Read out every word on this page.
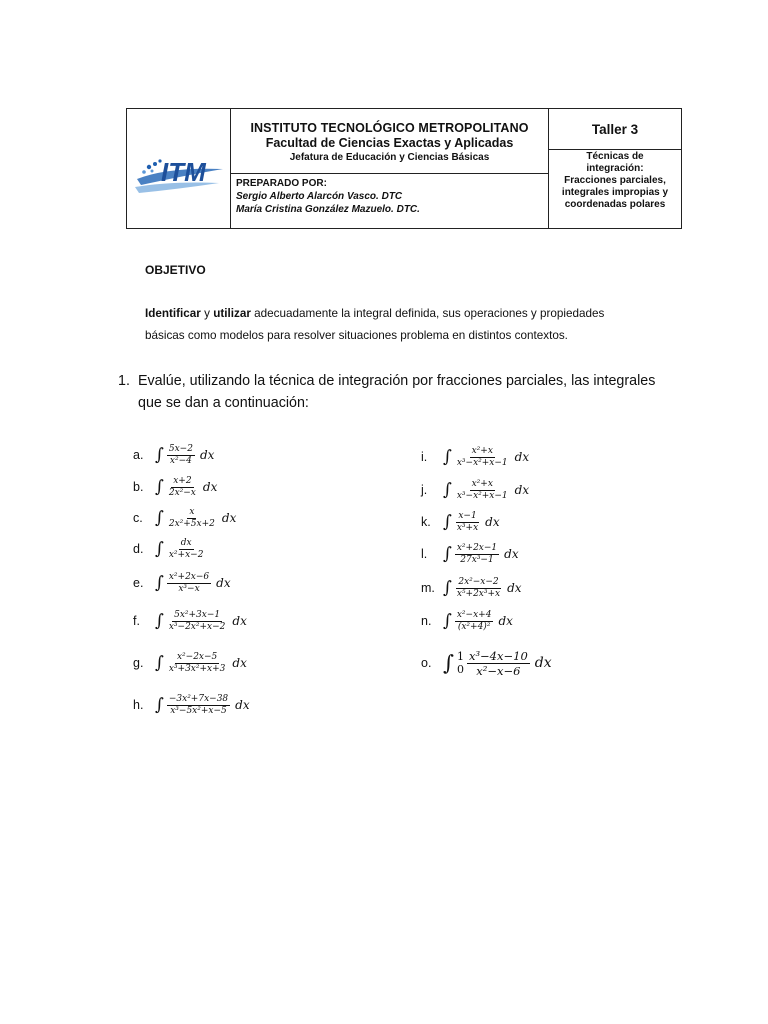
ITM
INSTITUTO TECNOLÓGICO METROPOLITANO
Facultad de Ciencias Exactas y Aplicadas
Jefatura de Educación y Ciencias Básicas
PREPARADO POR:
Sergio Alberto Alarcón Vasco. DTC
María Cristina González Mazuelo. DTC.
Taller 3
Técnicas de
integración:
Fracciones parciales,
integrales impropias y
coordenadas polares
OBJETIVO
Identificar y utilizar adecuadamente la integral definida, sus operaciones y propiedades
básicas como modelos para resolver situaciones problema en distintos contextos.
1. Evalúe, utilizando la técnica de integración por fracciones parciales, las integrales que se dan a continuación:
a. ∫ $\frac{5x-2}{\text{x²−4}}$ dx
b. ∫ $\frac{x+2}{\text{2x²−x}}$ dx
c. ∫ $\frac{x}{\text{2x²+5x+2}}$ dx
d. ∫ $\frac{dx}{\text{x²+x−2}}$
e. ∫ $\frac{\text{x²+2x−6}}{\text{x³−x}}$ dx
f. ∫ $\frac{\text{5x²+3x−1}}{\text{x³−2x²+x−2}}$ dx
g. ∫ $\frac{\text{x²−2x−5}}{\text{x³+3x²+x+3}}$ dx
h. ∫ $\frac{\text{−3x²+7x−38}}{\text{x³−5x²+x−5}}$ dx
i. ∫ $\frac{\text{x²+x}}{\text{x³−x²+x−1}}$ dx
j. ∫ $\frac{\text{x²+x}}{\text{x³−x²+x−1}}$ dx
k. ∫ $\frac{x-1}{\text{x³+x}}$ dx
l. ∫ $\frac{\text{x²+2x−1}}{\text{27x³−1}}$ dx
m. ∫ $\frac{\text{2x²−x−2}}{\text{x⁵+2x³+x}}$ dx
n. ∫ $\frac{\text{x²−x+4}}{\text{(x²+4)²}}$ dx
o. ∫ 1
$0 \frac{\text{x³−4x−10}}{\text{x²−x−6}}$ dx
